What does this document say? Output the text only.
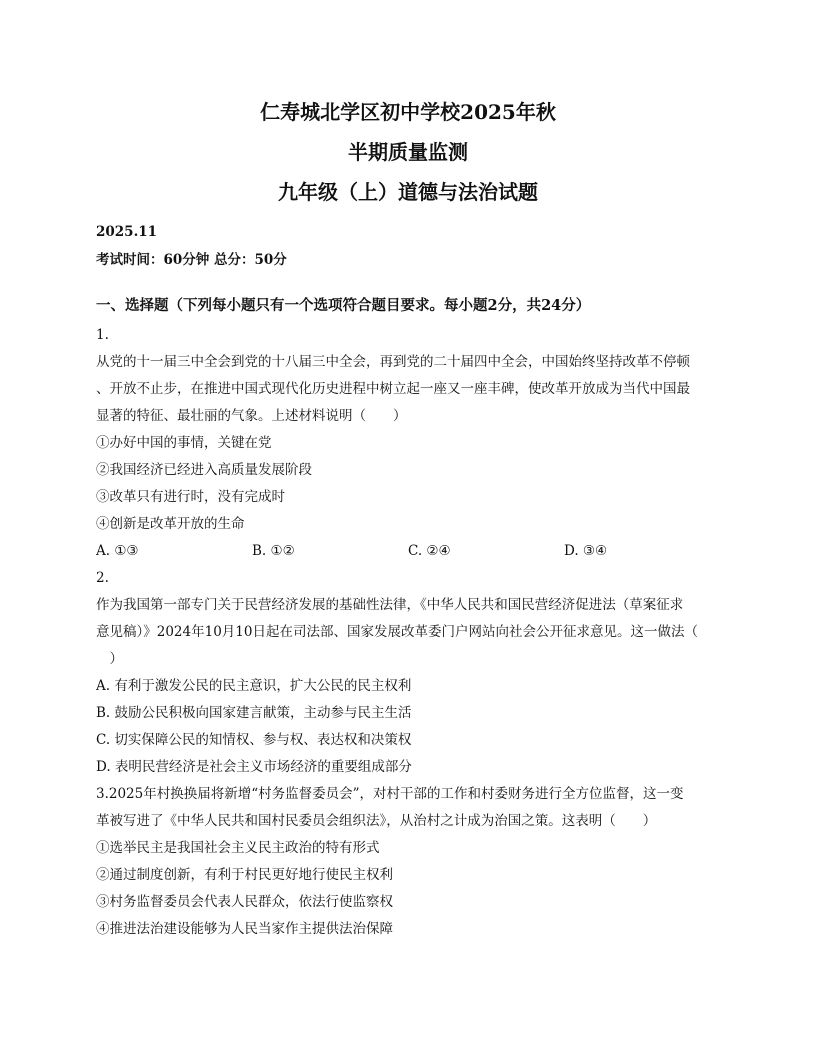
仁寿城北学区初中学校2025年秋
半期质量监测
九年级（上）道德与法治试题
2025.11
考试时间：60分钟 总分：50分
一、选择题（下列每小题只有一个选项符合题目要求。每小题2分，共24分）
1.
从党的十一届三中全会到党的十八届三中全会，再到党的二十届四中全会，中国始终坚持改革不停顿
、开放不止步，在推进中国式现代化历史进程中树立起一座又一座丰碑，使改革开放成为当代中国最
显著的特征、最壮丽的气象。上述材料说明（　　）
①办好中国的事情，关键在党
②我国经济已经进入高质量发展阶段
③改革只有进行时，没有完成时
④创新是改革开放的生命
A. ①③	B. ①②	C. ②④	D. ③④
2.
作为我国第一部专门关于民营经济发展的基础性法律，《中华人民共和国民营经济促进法（草案征求
意见稿）》2024年10月10日起在司法部、国家发展改革委门户网站向社会公开征求意见。这一做法（
　）
A. 有利于激发公民的民主意识，扩大公民的民主权利
B. 鼓励公民积极向国家建言献策，主动参与民主生活
C. 切实保障公民的知情权、参与权、表达权和决策权
D. 表明民营经济是社会主义市场经济的重要组成部分
3.2025年村换换届将新增“村务监督委员会”，对村干部的工作和村委财务进行全方位监督，这一变
革被写进了《中华人民共和国村民委员会组织法》，从治村之计成为治国之策。这表明（　　）
①选举民主是我国社会主义民主政治的特有形式
②通过制度创新，有利于村民更好地行使民主权利
③村务监督委员会代表人民群众，依法行使监察权
④推进法治建设能够为人民当家作主提供法治保障
